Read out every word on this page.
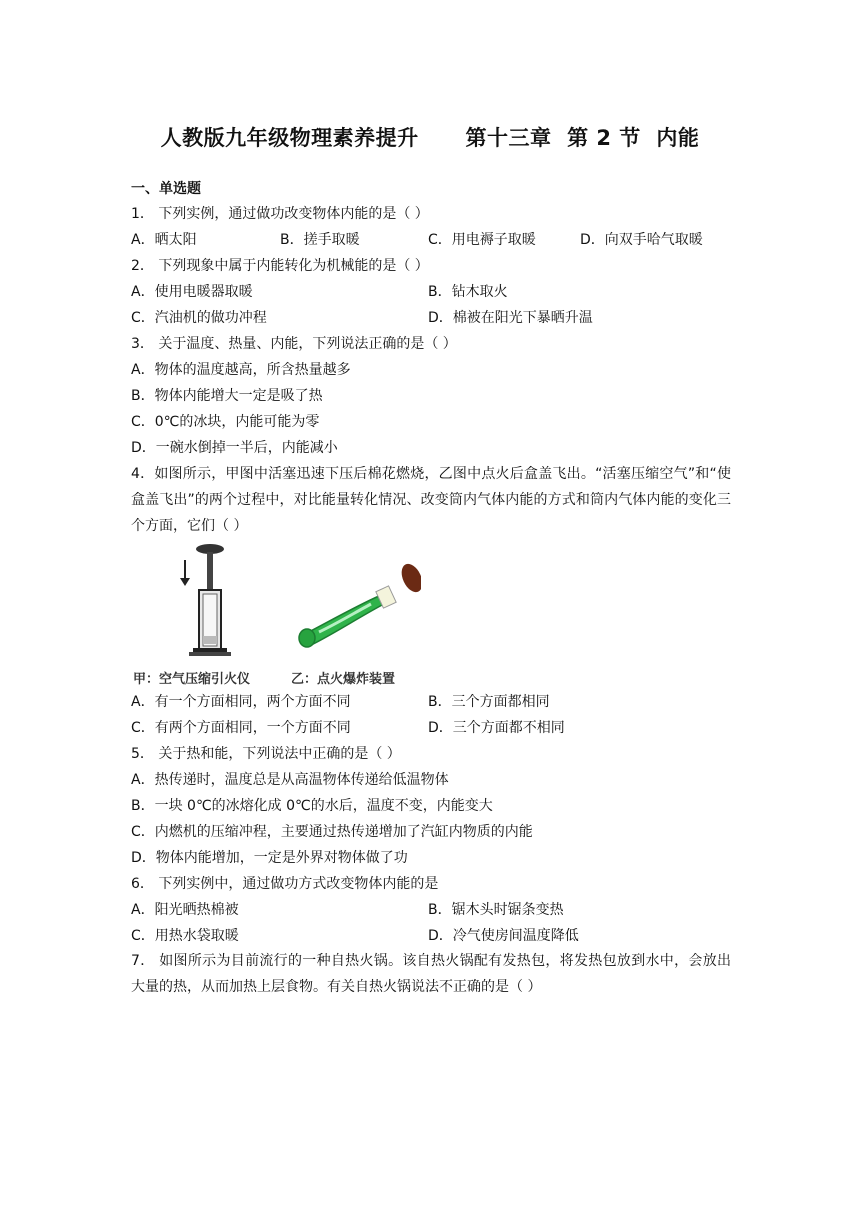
人教版九年级物理素养提升      第十三章  第 2 节  内能
一、单选题
1． 下列实例，通过做功改变物体内能的是（ ）
A．晒太阳	B．搓手取暖	C．用电褥子取暖	D．向双手哈气取暖
2． 下列现象中属于内能转化为机械能的是（ ）
A．使用电暖器取暖	B．钻木取火
C．汽油机的做功冲程	D．棉被在阳光下暴晒升温
3． 关于温度、热量、内能，下列说法正确的是（ ）
A．物体的温度越高，所含热量越多
B．物体内能增大一定是吸了热
C．0℃的冰块，内能可能为零
D．一碗水倒掉一半后，内能减小
4．如图所示，甲图中活塞迅速下压后棉花燃烧，乙图中点火后盒盖飞出。“活塞压缩空气”和“使盒盖飞出”的两个过程中，对比能量转化情况、改变筒内气体内能的方式和筒内气体内能的变化三个方面，它们（ ）
甲：空气压缩引火仪	乙：点火爆炸装置
A．有一个方面相同，两个方面不同	B．三个方面都相同
C．有两个方面相同，一个方面不同	D．三个方面都不相同
5． 关于热和能，下列说法中正确的是（ ）
A．热传递时，温度总是从高温物体传递给低温物体
B．一块 0℃的冰熔化成 0℃的水后，温度不变，内能变大
C．内燃机的压缩冲程，主要通过热传递增加了汽缸内物质的内能
D．物体内能增加，一定是外界对物体做了功
6． 下列实例中，通过做功方式改变物体内能的是
A．阳光晒热棉被	B．锯木头时锯条变热
C．用热水袋取暖	D．冷气使房间温度降低
7． 如图所示为目前流行的一种自热火锅。该自热火锅配有发热包，将发热包放到水中，会放出大量的热，从而加热上层食物。有关自热火锅说法不正确的是（ ）
